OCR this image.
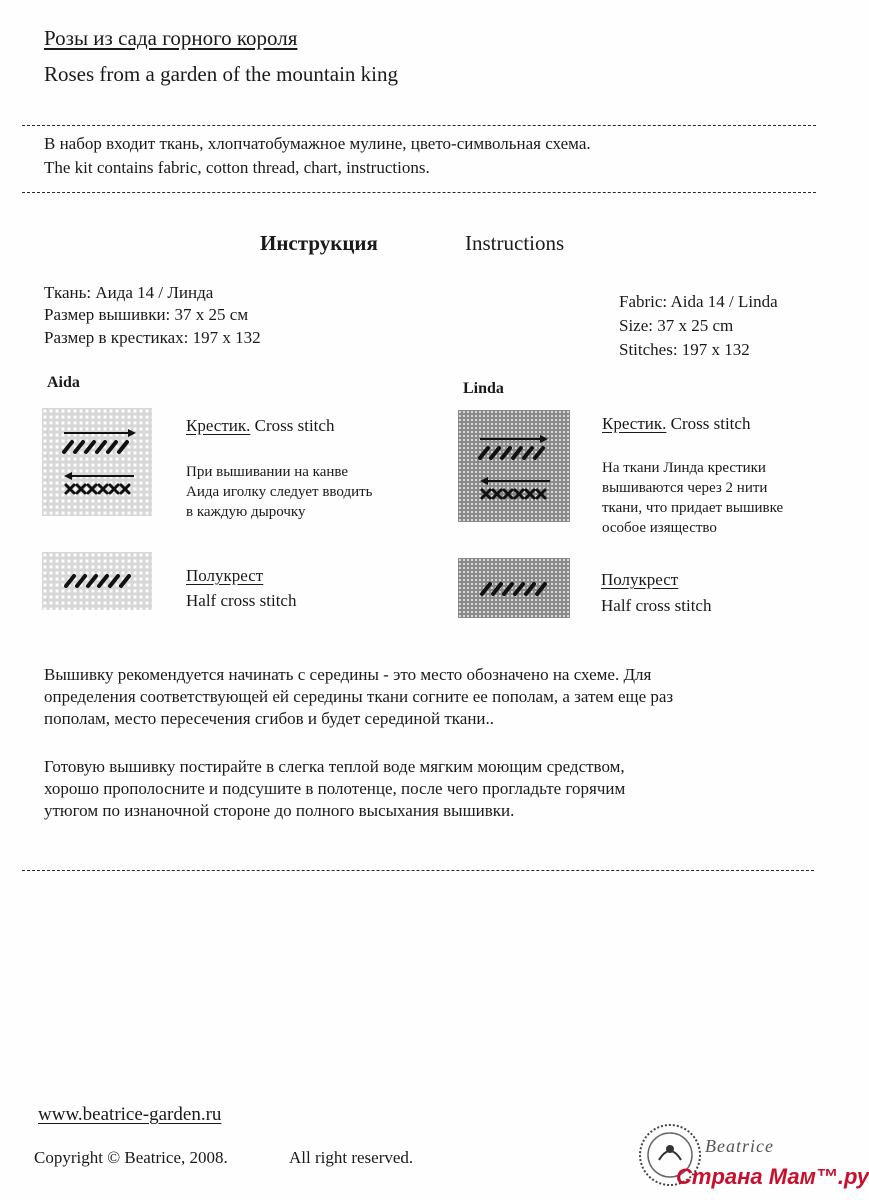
Розы из сада горного короля
Roses from a garden of the mountain king
В набор входит ткань, хлопчатобумажное мулине, цвето-символьная схема.
The kit contains fabric, cotton thread, chart, instructions.
Инструкция	Instructions
Ткань: Аида 14 / Линда
Размер вышивки: 37 x 25 см
Размер в крестиках: 197 x 132
Fabric: Aida 14 / Linda
Size: 37 x 25 cm
Stitches: 197 x 132
Aida
Крестик. Cross stitch
При вышивании на канве
Аида иголку следует вводить
в каждую дырочку
Полукрест
Half cross stitch
Linda
Крестик. Cross stitch
На ткани Линда крестики
вышиваются через 2 нити
ткани, что придает вышивке
особое изящество
Полукрест
Half cross stitch
Вышивку рекомендуется начинать с середины - это место обозначено на схеме. Для
определения соответствующей ей середины ткани согните ее пополам, а затем еще раз
пополам, место пересечения сгибов и будет серединой ткани..
Готовую вышивку постирайте в слегка теплой воде мягким моющим средством,
хорошо прополосните и подсушите в полотенце, после чего прогладьте горячим
утюгом по изнаночной стороне до полного высыхания вышивки.
www.beatrice-garden.ru
Copyright © Beatrice, 2008.	All right reserved.
Beatrice
Страна Мам™.ру
